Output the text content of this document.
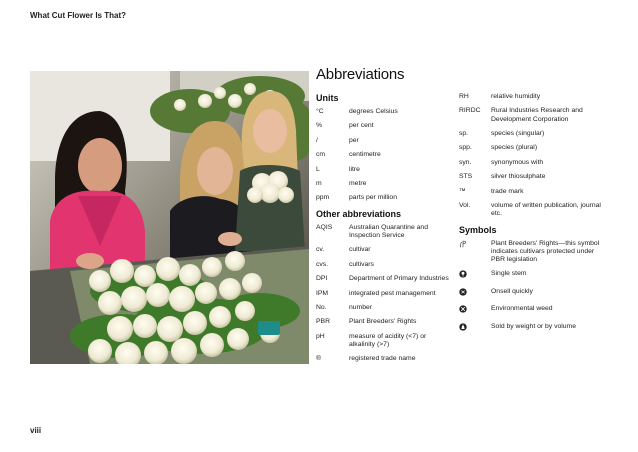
What Cut Flower Is That?
Abbreviations
Units
°C	degrees Celsius
%	per cent
/	per
cm	centimetre
L	litre
m	metre
ppm	parts per million
Other abbreviations
AQIS	Australian Quarantine and Inspection Service
cv.	cultivar
cvs.	cultivars
DPI	Department of Primary Industries
IPM	integrated pest management
No.	number
PBR	Plant Breeders' Rights
pH	measure of acidity (<7) or alkalinity (>7)
®	registered trade name
RH	relative humidity
RIRDC	Rural Industries Research and Development Corporation
sp.	species (singular)
spp.	species (plural)
syn.	synonymous with
STS	silver thiosulphate
™	trade mark
Vol.	volume of written publication, journal etc.
Symbols
Plant Breeders' Rights—this symbol indicates cultivars protected under PBR legislation
Single stem
Onsell quickly
Environmental weed
Sold by weight or by volume
viii
